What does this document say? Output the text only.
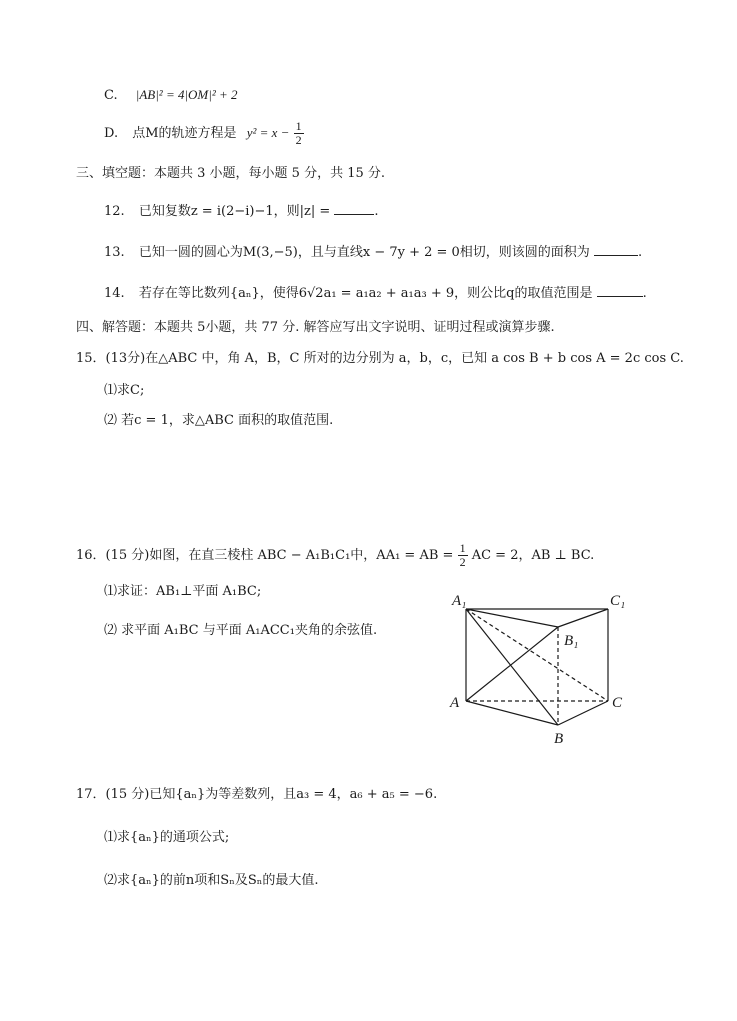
C. |AB|² = 4|OM|² + 2
D. 点M的轨迹方程是 $y^2 = x - \frac{1}{2}$
三、填空题：本题共 3 小题，每小题 5 分，共 15 分.
12. 已知复数z = i(2−i)−1，则|z| =	.
13. 已知一圆的圆心为M(3,−5)，且与直线x − 7y + 2 = 0相切，则该圆的面积为	.
14. 若存在等比数列{aₙ}，使得6√2a₁ = a₁a₂ + a₁a₃ + 9，则公比q的取值范围是	.
四、解答题：本题共 5小题，共 77 分. 解答应写出文字说明、证明过程或演算步骤.
15．(13分)在△ABC 中，角 A，B，C 所对的边分别为 a，b，c，已知 a cos B + b cos A = 2c cos C.
⑴求C;
⑵ 若c = 1，求△ABC 面积的取值范围.
16．(15 分)如图，在直三棱柱 ABC − A₁B₁C₁中，AA₁ = AB = $\frac{1}{2}$ AC = 2，AB ⊥ BC.
⑴求证：AB₁⊥平面 A₁BC;
⑵ 求平面 A₁BC 与平面 A₁ACC₁夹角的余弦值.
A₁	C₁
B₁
A	C
B
17．(15 分)已知{aₙ}为等差数列，且a₃ = 4，a₆ + a₅ = −6.
⑴求{aₙ}的通项公式;
⑵求{aₙ}的前n项和Sₙ及Sₙ的最大值.
